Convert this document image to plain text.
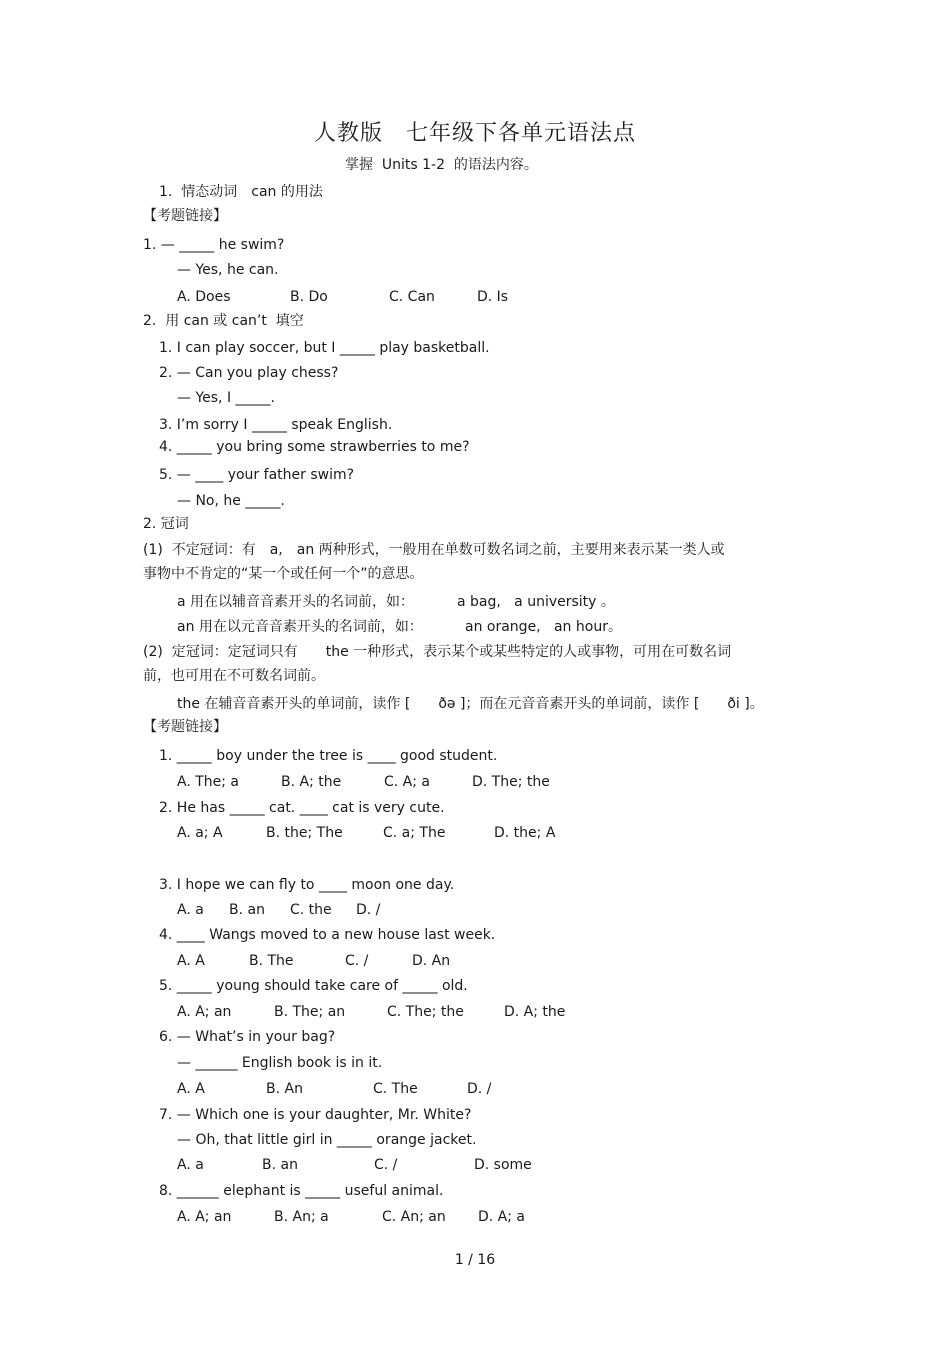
人教版　七年级下各单元语法点
掌握  Units 1-2  的语法内容。
1.  情态动词　can 的用法
【考题链接】
1. — _____ he swim?
— Yes, he can.
A. Does	B. Do	C. Can	D. Is
2.  用 can 或 can’t  填空
1. I can play soccer, but I _____ play basketball.
2. — Can you play chess?
— Yes, I _____.
3. I’m sorry I _____ speak English.
4. _____ you bring some strawberries to me?
5. — ____ your father swim?
— No, he _____.
2. 冠词
(1)  不定冠词：有　a,　an 两种形式，一般用在单数可数名词之前，主要用来表示某一类人或
事物中不肯定的“某一个或任何一个”的意思。
a 用在以辅音音素开头的名词前，如：	a bag,   a university 。
an 用在以元音音素开头的名词前，如：	an orange,   an hour。
(2)  定冠词：定冠词只有　　the 一种形式，表示某个或某些特定的人或事物，可用在可数名词
前，也可用在不可数名词前。
the 在辅音音素开头的单词前，读作 [　　ðə ]；而在元音音素开头的单词前，读作 [　　ði ]。
【考题链接】
1. _____ boy under the tree is ____ good student.
A. The; a	B. A; the	C. A; a	D. The; the
2. He has _____ cat. ____ cat is very cute.
A. a; A	B. the; The	C. a; The	D. the; A
3. I hope we can fly to ____ moon one day.
A. a B. an C. the D. /
4. ____ Wangs moved to a new house last week.
A. A	B. The	C. /	D. An
5. _____ young should take care of _____ old.
A. A; an	B. The; an	C. The; the	D. A; the
6. — What’s in your bag?
— ______ English book is in it.
A. A	B. An	C. The	D. /
7. — Which one is your daughter, Mr. White?
— Oh, that little girl in _____ orange jacket.
A. a	B. an	C. /	D. some
8. ______ elephant is _____ useful animal.
A. A; an	B. An; a	C. An; an D. A; a
1 / 16
